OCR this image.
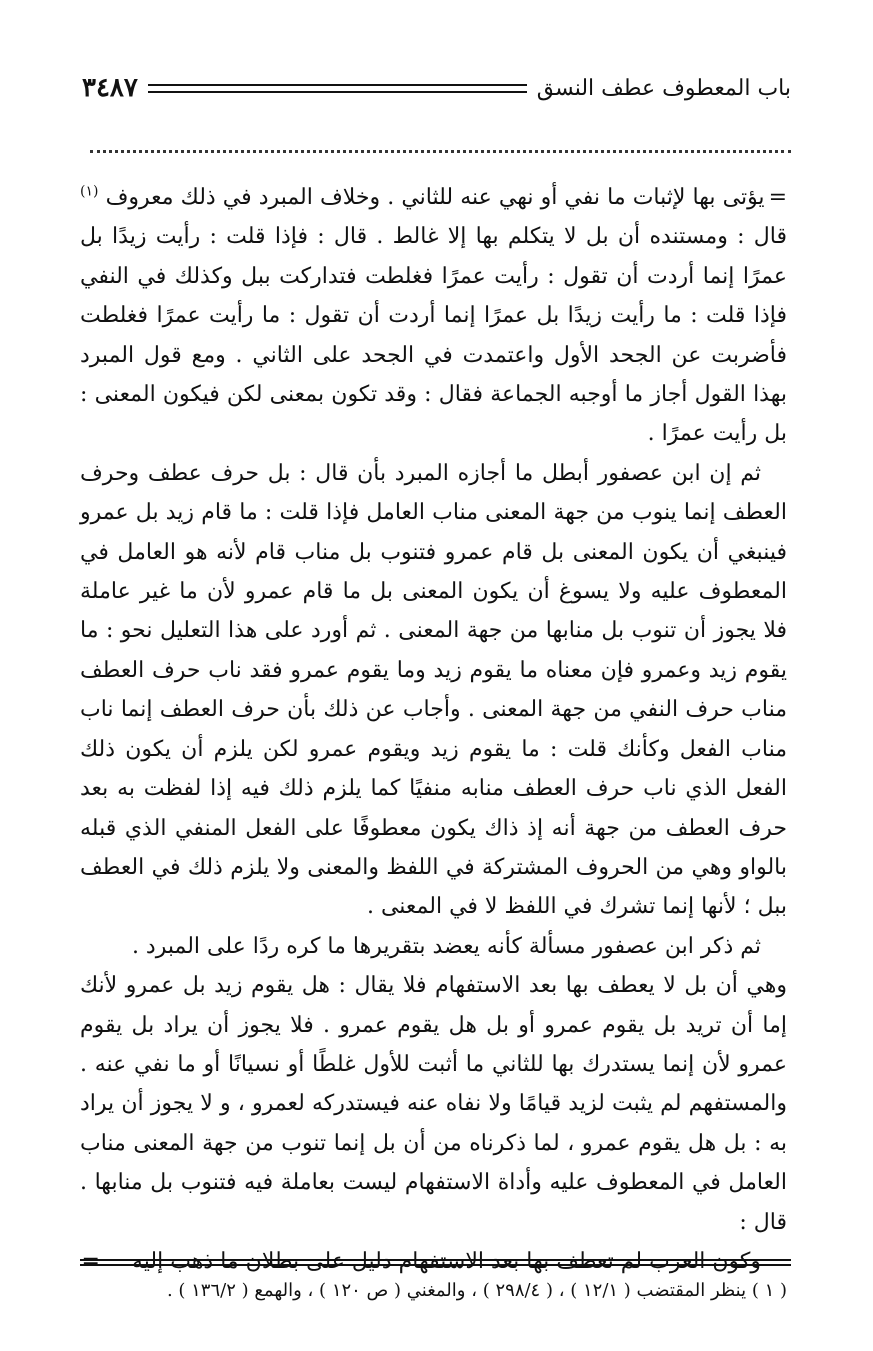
باب المعطوف عطف النسق
٣٤٨٧

=يؤتى بها لإثبات ما نفي أو نهي عنه للثاني . وخلاف المبرد في ذلك معروف $^{(١)}$ قال : ومستنده أن بل لا يتكلم بها إلا غالط . قال : فإذا قلت : رأيت زيدًا بل عمرًا إنما أردت أن تقول : رأيت عمرًا فغلطت فتداركت ببل وكذلك في النفي فإذا قلت : ما رأيت زيدًا بل عمرًا إنما أردت أن تقول : ما رأيت عمرًا فغلطت فأضربت عن الجحد الأول واعتمدت في الجحد على الثاني . ومع قول المبرد بهذا القول أجاز ما أوجبه الجماعة فقال : وقد تكون بمعنى لكن فيكون المعنى : بل رأيت عمرًا .

ثم إن ابن عصفور أبطل ما أجازه المبرد بأن قال : بل حرف عطف وحرف العطف إنما ينوب من جهة المعنى مناب العامل فإذا قلت : ما قام زيد بل عمرو فينبغي أن يكون المعنى بل قام عمرو فتنوب بل مناب قام لأنه هو العامل في المعطوف عليه ولا يسوغ أن يكون المعنى بل ما قام عمرو لأن ما غير عاملة فلا يجوز أن تنوب بل منابها من جهة المعنى . ثم أورد على هذا التعليل نحو : ما يقوم زيد وعمرو فإن معناه ما يقوم زيد وما يقوم عمرو فقد ناب حرف العطف مناب حرف النفي من جهة المعنى . وأجاب عن ذلك بأن حرف العطف إنما ناب مناب الفعل وكأنك قلت : ما يقوم زيد ويقوم عمرو لكن يلزم أن يكون ذلك الفعل الذي ناب حرف العطف منابه منفيًا كما يلزم ذلك فيه إذا لفظت به بعد حرف العطف من جهة أنه إذ ذاك يكون معطوفًا على الفعل المنفي الذي قبله بالواو وهي من الحروف المشتركة في اللفظ والمعنى ولا يلزم ذلك في العطف ببل ؛ لأنها إنما تشرك في اللفظ لا في المعنى .

ثم ذكر ابن عصفور مسألة كأنه يعضد بتقريرها ما كره ردًا على المبرد .

وهي أن بل لا يعطف بها بعد الاستفهام فلا يقال : هل يقوم زيد بل عمرو لأنك إما أن تريد بل يقوم عمرو أو بل هل يقوم عمرو . فلا يجوز أن يراد بل يقوم عمرو لأن إنما يستدرك بها للثاني ما أثبت للأول غلطًا أو نسيانًا أو ما نفي عنه . والمستفهم لم يثبت لزيد قيامًا ولا نفاه عنه فيستدركه لعمرو ، و لا يجوز أن يراد به : بل هل يقوم عمرو ، لما ذكرناه من أن بل إنما تنوب من جهة المعنى مناب العامل في المعطوف عليه وأداة الاستفهام ليست بعاملة فيه فتنوب بل منابها . قال :

وكون العرب لم تعطف بها بعد الاستفهام دليل على بطلان ما ذهب إليه=

( ١ ) ينظر المقتضب ( ١٢/١ ) ، ( ٢٩٨/٤ ) ، والمغني ( ص ١٢٠ ) ، والهمع ( ١٣٦/٢ ) .
